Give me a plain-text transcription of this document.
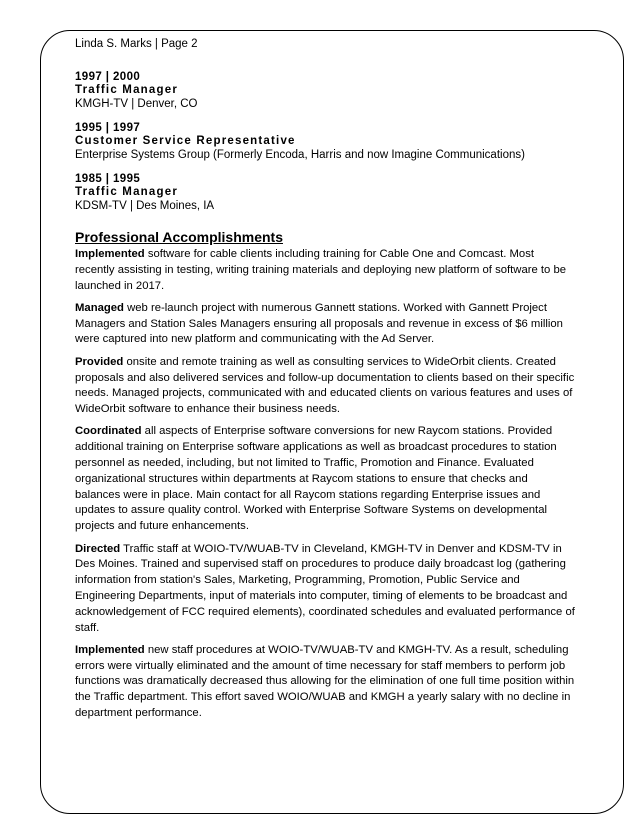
Linda S. Marks | Page 2
1997 | 2000
Traffic Manager
KMGH-TV | Denver, CO
1995 | 1997
Customer Service Representative
Enterprise Systems Group (Formerly Encoda, Harris and now Imagine Communications)
1985 | 1995
Traffic Manager
KDSM-TV | Des Moines, IA
Professional Accomplishments

Implemented software for cable clients including training for Cable One and Comcast. Most recently assisting in testing, writing training materials and deploying new platform of software to be launched in 2017.

Managed web re-launch project with numerous Gannett stations. Worked with Gannett Project Managers and Station Sales Managers ensuring all proposals and revenue in excess of $6 million were captured into new platform and communicating with the Ad Server.

Provided onsite and remote training as well as consulting services to WideOrbit clients. Created proposals and also delivered services and follow-up documentation to clients based on their specific needs. Managed projects, communicated with and educated clients on various features and uses of WideOrbit software to enhance their business needs.

Coordinated all aspects of Enterprise software conversions for new Raycom stations. Provided additional training on Enterprise software applications as well as broadcast procedures to station personnel as needed, including, but not limited to Traffic, Promotion and Finance. Evaluated organizational structures within departments at Raycom stations to ensure that checks and balances were in place. Main contact for all Raycom stations regarding Enterprise issues and updates to assure quality control. Worked with Enterprise Software Systems on developmental projects and future enhancements.

Directed Traffic staff at WOIO-TV/WUAB-TV in Cleveland, KMGH-TV in Denver and KDSM-TV in Des Moines. Trained and supervised staff on procedures to produce daily broadcast log (gathering information from station's Sales, Marketing, Programming, Promotion, Public Service and Engineering Departments, input of materials into computer, timing of elements to be broadcast and acknowledgement of FCC required elements), coordinated schedules and evaluated performance of staff.

Implemented new staff procedures at WOIO-TV/WUAB-TV and KMGH-TV. As a result, scheduling errors were virtually eliminated and the amount of time necessary for staff members to perform job functions was dramatically decreased thus allowing for the elimination of one full time position within the Traffic department. This effort saved WOIO/WUAB and KMGH a yearly salary with no decline in department performance.
